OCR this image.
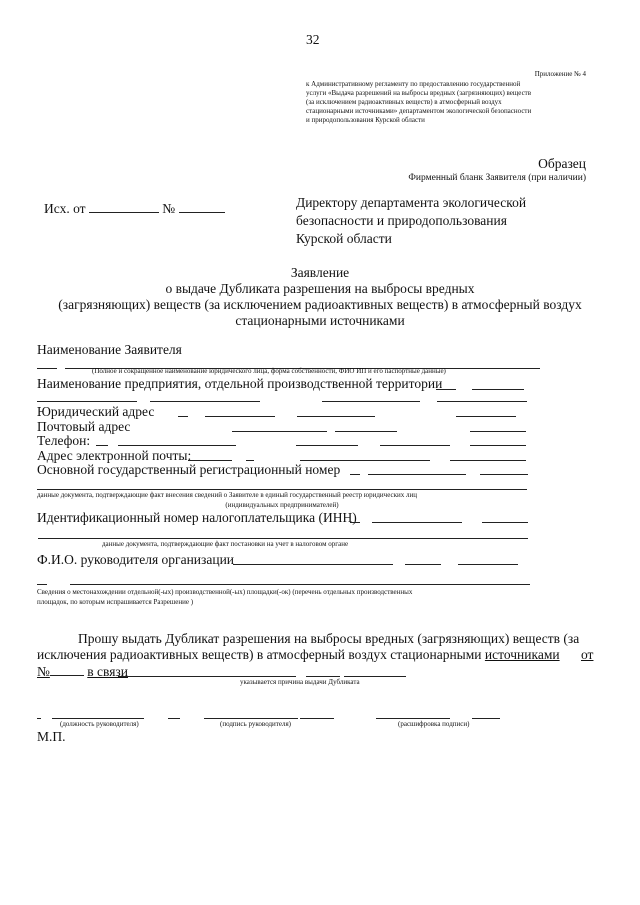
32
Приложение № 4
к Административному регламенту по предоставлению государственной
услуги «Выдача разрешений на выбросы вредных (загрязняющих) веществ
(за исключением радиоактивных веществ) в атмосферный воздух
стационарными источниками» департаментом экологической безопасности
и природопользования Курской области
Образец
Фирменный бланк Заявителя (при наличии)
Исх. от	№	Директору департамента экологической
безопасности и природопользования
Курской области
Заявление
о выдаче Дубликата разрешения на выбросы вредных
(загрязняющих) веществ (за исключением радиоактивных веществ) в атмосферный воздух
стационарными источниками
Наименование Заявителя
(Полное и сокращенное наименование юридического лица, форма собственности, ФИО ИП и его паспортные данные)
Наименование предприятия, отдельной производственной территории
Юридический адрес
Почтовый адрес
Телефон:
Адрес электронной почты:
Основной государственный регистрационный номер
данные документа, подтверждающие факт внесения сведений о Заявителе в единый государственный реестр юридических лиц
(индивидуальных предпринимателей)
Идентификационный номер налогоплательщика (ИНН)
данные документа, подтверждающие факт постановки на учет в налоговом органе
Ф.И.О. руководителя организации
Сведения о местонахождении отдельной(-ых) производственной(-ых) площадки(-ок) (перечень отдельных производственных
площадок, по которым испрашивается Разрешение )
Прошу выдать Дубликат разрешения на выбросы вредных (загрязняющих) веществ (за
исключения радиоактивных веществ) в атмосферный воздух стационарными источниками от
№	в связи
указывается причина выдачи Дубликата
(должность руководителя)	(подпись руководителя)	(расшифровка подписи)
М.П.
